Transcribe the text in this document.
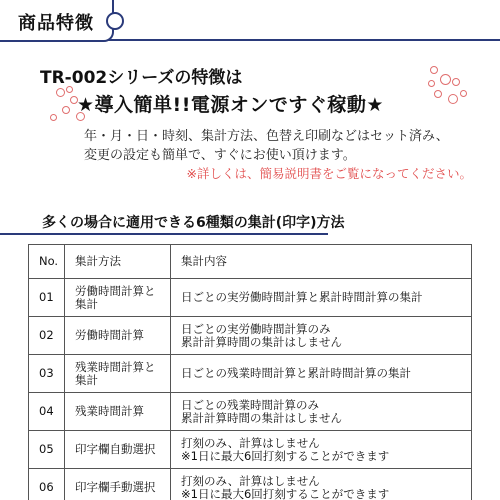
商品特徴
TR-002シリーズの特徴は
★導入簡単!!電源オンですぐ稼動★
年・月・日・時刻、集計方法、色替え印刷などはセット済み、
変更の設定も簡単で、すぐにお使い頂けます。
※詳しくは、簡易説明書をご覧になってください。
多くの場合に適用できる6種類の集計(印字)方法
No.	集計方法	集計内容
01	労働時間計算と集計	日ごとの実労働時間計算と累計時間計算の集計

02	労働時間計算	日ごとの実労働時間計算のみ
累計計算時間の集計はしません

03	残業時間計算と集計	日ごとの残業時間計算と累計時間計算の集計

04	残業時間計算	日ごとの残業時間計算のみ
累計計算時間の集計はしません

05	印字欄自動選択	打刻のみ、計算はしません
※1日に最大6回打刻することができます

06	印字欄手動選択	打刻のみ、計算はしません
※1日に最大6回打刻することができます
